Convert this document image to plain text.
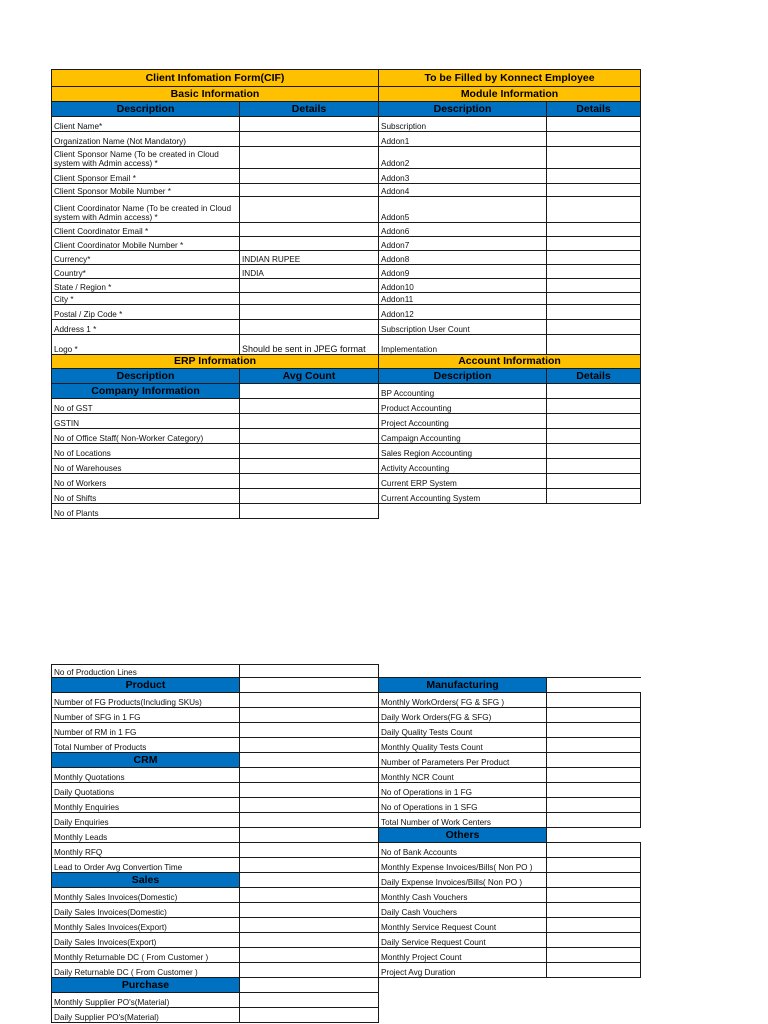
Client Infomation Form(CIF)		To be Filled by Konnect Employee	
Basic Information		Module Information	
Description	Details	Description	Details
Client Name*		Subscription	
Organization Name (Not Mandatory)		Addon1	
Client Sponsor Name (To be created in Cloud system with Admin access) *		Addon2	
Client Sponsor Email *		Addon3	
Client Sponsor Mobile Number *		Addon4	
Client Coordinator Name (To be created in Cloud system with Admin access) *		Addon5	
Client Coordinator Email *		Addon6	
Client Coordinator Mobile Number *		Addon7	
Currency*	INDIAN RUPEE	Addon8	
Country*	INDIA	Addon9	
State / Region *		Addon10	
City *		Addon11	
Postal / Zip Code *		Addon12	
Address 1 *		Subscription User Count	
Logo *	Should be sent in JPEG format	Implementation	
ERP Information		Account Information	
Description	Avg Count	Description	Details
Company Information		BP Accounting	
No of GST		Product Accounting	
GSTIN		Project Accounting	
No of Office Staff( Non-Worker Category)		Campaign Accounting	
No of Locations		Sales Region Accounting	
No of Warehouses		Activity Accounting	
No of Workers		Current ERP System	
No of Shifts		Current Accounting System	
No of Plants			
No of Production Lines			
Product		Manufacturing	
Number of FG Products(Including SKUs)		Monthly WorkOrders( FG & SFG )	
Number of SFG in 1 FG		Daily Work Orders(FG & SFG)	
Number of RM in 1 FG		Daily Quality Tests Count	
Total Number of Products		Monthly Quality Tests Count	
CRM		Number of Parameters Per Product	
Monthly Quotations		Monthly NCR Count	
Daily Quotations		No of Operations in 1 FG	
Monthly Enquiries		No of Operations in 1 SFG	
Daily Enquiries		Total Number of Work Centers	
Monthly Leads		Others	
Monthly RFQ		No of Bank Accounts	
Lead to Order Avg Convertion Time		Monthly Expense Invoices/Bills( Non PO )	
Sales		Daily Expense Invoices/Bills( Non PO )	
Monthly Sales Invoices(Domestic)		Monthly Cash Vouchers	
Daily Sales Invoices(Domestic)		Daily Cash Vouchers	
Monthly Sales Invoices(Export)		Monthly Service Request Count	
Daily Sales Invoices(Export)		Daily Service Request Count	
Monthly Returnable DC ( From Customer )		Monthly Project Count	
Daily Returnable DC ( From Customer )		Project Avg Duration	
Purchase			
Monthly Supplier PO's(Material)			
Daily Supplier PO's(Material)			
